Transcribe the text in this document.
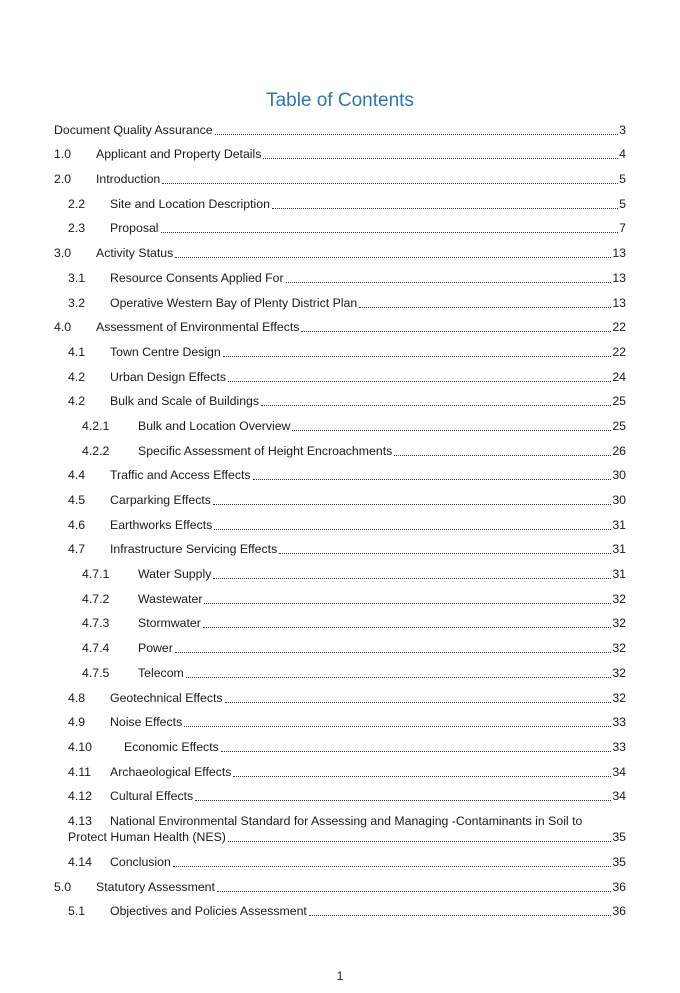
Table of Contents
Document Quality Assurance	3
1.0	Applicant and Property Details	4
2.0	Introduction	5
2.2	Site and Location Description	5
2.3	Proposal	7
3.0	Activity Status	13
3.1	Resource Consents Applied For	13
3.2	Operative Western Bay of Plenty District Plan	13
4.0	Assessment of Environmental Effects	22
4.1	Town Centre Design	22
4.2	Urban Design Effects	24
4.2	Bulk and Scale of Buildings	25
4.2.1	Bulk and Location Overview	25
4.2.2	Specific Assessment of Height Encroachments	26
4.4	Traffic and Access Effects	30
4.5	Carparking Effects	30
4.6	Earthworks Effects	31
4.7	Infrastructure Servicing Effects	31
4.7.1	Water Supply	31
4.7.2	Wastewater	32
4.7.3	Stormwater	32
4.7.4	Power	32
4.7.5	Telecom	32
4.8	Geotechnical Effects	32
4.9	Noise Effects	33
4.10	Economic Effects	33
4.11	Archaeological Effects	34
4.12	Cultural Effects	34
4.13	National Environmental Standard for Assessing and Managing -Contaminants in Soil to
Protect Human Health (NES)	35
4.14	Conclusion	35
5.0	Statutory Assessment	36
5.1	Objectives and Policies Assessment	36
1
